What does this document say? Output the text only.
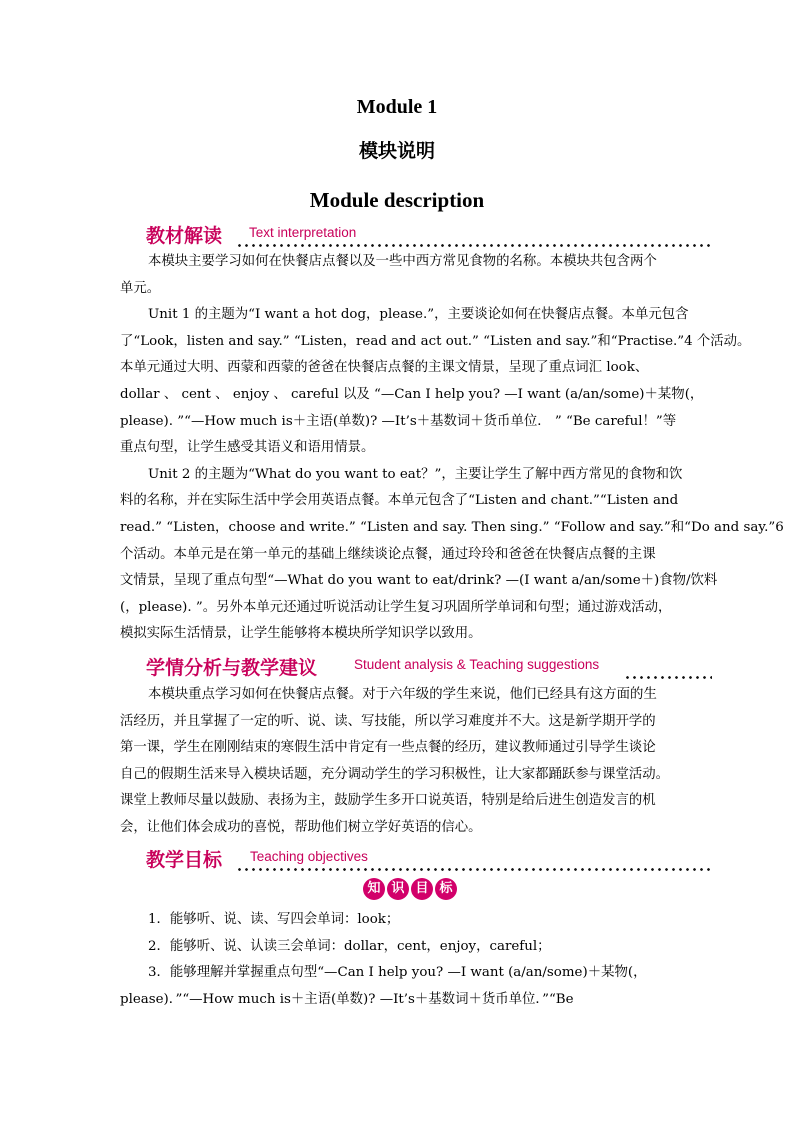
Module 1
模块说明
Module description
教材解读 Text interpretation
本模块主要学习如何在快餐店点餐以及一些中西方常见食物的名称。本模块共包含两个
单元。
Unit 1 的主题为“I want a hot dog，please.”，主要谈论如何在快餐店点餐。本单元包含
了“Look，listen and say.” “Listen，read and act out.” “Listen and say.”和“Practise.”4 个活动。
本单元通过大明、西蒙和西蒙的爸爸在快餐店点餐的主课文情景，呈现了重点词汇 look、
dollar 、 cent 、 enjoy 、 careful 以及 “—Can I help you? —I want (a/an/some)＋某物(，
please). ”“—How much is＋主语(单数)? —It’s＋基数词＋货币单位． ” “Be careful！”等
重点句型，让学生感受其语义和语用情景。
Unit 2 的主题为“What do you want to eat？”，主要让学生了解中西方常见的食物和饮
料的名称，并在实际生活中学会用英语点餐。本单元包含了“Listen and chant.”“Listen and
read.” “Listen，choose and write.” “Listen and say. Then sing.” “Follow and say.”和“Do and say.”6
个活动。本单元是在第一单元的基础上继续谈论点餐，通过玲玲和爸爸在快餐店点餐的主课
文情景，呈现了重点句型“—What do you want to eat/drink? —(I want a/an/some＋)食物/饮料
(，please). ”。另外本单元还通过听说活动让学生复习巩固所学单词和句型；通过游戏活动，
模拟实际生活情景，让学生能够将本模块所学知识学以致用。
学情分析与教学建议	Student analysis & Teaching suggestions
本模块重点学习如何在快餐店点餐。对于六年级的学生来说，他们已经具有这方面的生
活经历，并且掌握了一定的听、说、读、写技能，所以学习难度并不大。这是新学期开学的
第一课，学生在刚刚结束的寒假生活中肯定有一些点餐的经历，建议教师通过引导学生谈论
自己的假期生活来导入模块话题，充分调动学生的学习积极性，让大家都踊跃参与课堂活动。
课堂上教师尽量以鼓励、表扬为主，鼓励学生多开口说英语，特别是给后进生创造发言的机
会，让他们体会成功的喜悦，帮助他们树立学好英语的信心。
教学目标 Teaching objectives
知 识 目 标
1．能够听、说、读、写四会单词：look；
2．能够听、说、认读三会单词：dollar，cent，enjoy，careful；
3．能够理解并掌握重点句型“—Can I help you? —I want (a/an/some)＋某物(，
please)．”“—How much is＋主语(单数)? —It’s＋基数词＋货币单位．”“Be
